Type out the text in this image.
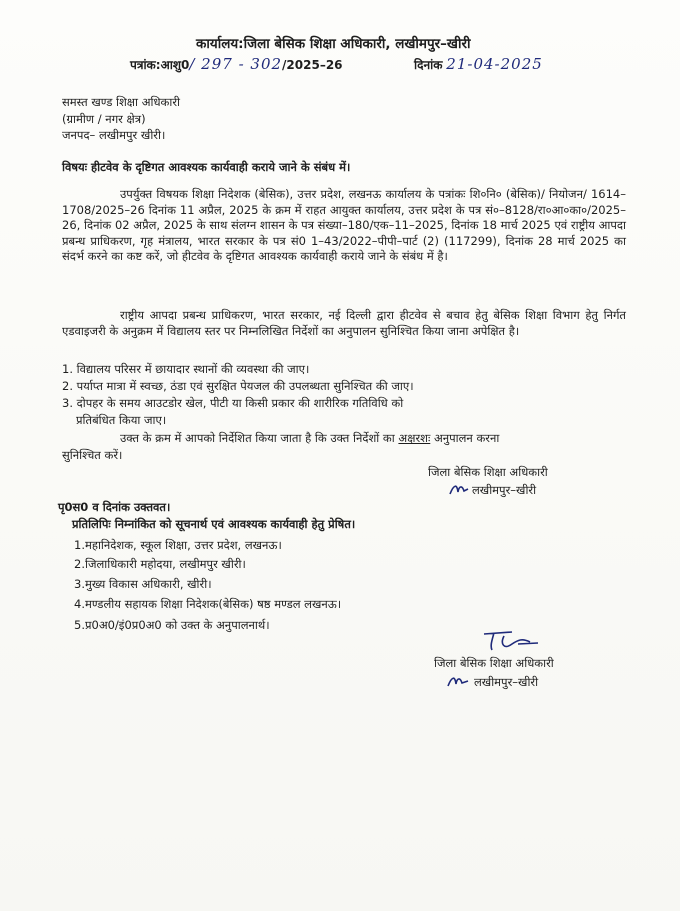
कार्यालय:जिला बेसिक शिक्षा अधिकारी, लखीमपुर–खीरी
पत्रांक:आशु0/ 297 - 302/2025–26	दिनांक 21-04-2025
समस्त खण्ड शिक्षा अधिकारी
(ग्रामीण / नगर क्षेत्र)
जनपद– लखीमपुर खीरी।
विषयः हीटवेव के दृष्टिगत आवश्यक कार्यवाही कराये जाने के संबंध में।
उपर्युक्त विषयक शिक्षा निदेशक (बेसिक), उत्तर प्रदेश, लखनऊ कार्यालय के पत्रांकः शि०नि० (बेसिक)/ नियोजन/ 1614–1708/2025–26 दिनांक 11 अप्रैल, 2025 के क्रम में राहत आयुक्त कार्यालय, उत्तर प्रदेश के पत्र सं०–8128/रा०आ०का०/2025–26, दिनांक 02 अप्रैल, 2025 के साथ संलग्न शासन के पत्र संख्या–180/एक–11–2025, दिनांक 18 मार्च 2025 एवं राष्ट्रीय आपदा प्रबन्ध प्राधिकरण, गृह मंत्रालय, भारत सरकार के पत्र सं0 1–43/2022–पीपी–पार्ट (2) (117299), दिनांक 28 मार्च 2025 का संदर्भ करने का कष्ट करें, जो हीटवेव के दृष्टिगत आवश्यक कार्यवाही कराये जाने के संबंध में है।
राष्ट्रीय आपदा प्रबन्ध प्राधिकरण, भारत सरकार, नई दिल्ली द्वारा हीटवेव से बचाव हेतु बेसिक शिक्षा विभाग हेतु निर्गत एडवाइजरी के अनुक्रम में विद्यालय स्तर पर निम्नलिखित निर्देशों का अनुपालन सुनिश्चित किया जाना अपेक्षित है।
1. विद्यालय परिसर में छायादार स्थानों की व्यवस्था की जाए।
2. पर्याप्त मात्रा में स्वच्छ, ठंडा एवं सुरक्षित पेयजल की उपलब्धता सुनिश्चित की जाए।
3. दोपहर के समय आउटडोर खेल, पीटी या किसी प्रकार की शारीरिक गतिविधि को
प्रतिबंधित किया जाए।
उक्त के क्रम में आपको निर्देशित किया जाता है कि उक्त निर्देशों का अक्षरशः अनुपालन करना
सुनिश्चित करें।
जिला बेसिक शिक्षा अधिकारी
लखीमपुर–खीरी
पृ0स0 व दिनांक उक्तवत।
प्रतिलिपिः निम्नांकित को सूचनार्थ एवं आवश्यक कार्यवाही हेतु प्रेषित।
1.महानिदेशक, स्कूल शिक्षा, उत्तर प्रदेश, लखनऊ।
2.जिलाधिकारी महोदया, लखीमपुर खीरी।
3.मुख्य विकास अधिकारी, खीरी।
4.मण्डलीय सहायक शिक्षा निदेशक(बेसिक) षष्ठ मण्डल लखनऊ।
5.प्र0अ0/इं0प्र0अ0 को उक्त के अनुपालनार्थ।
जिला बेसिक शिक्षा अधिकारी
लखीमपुर–खीरी
